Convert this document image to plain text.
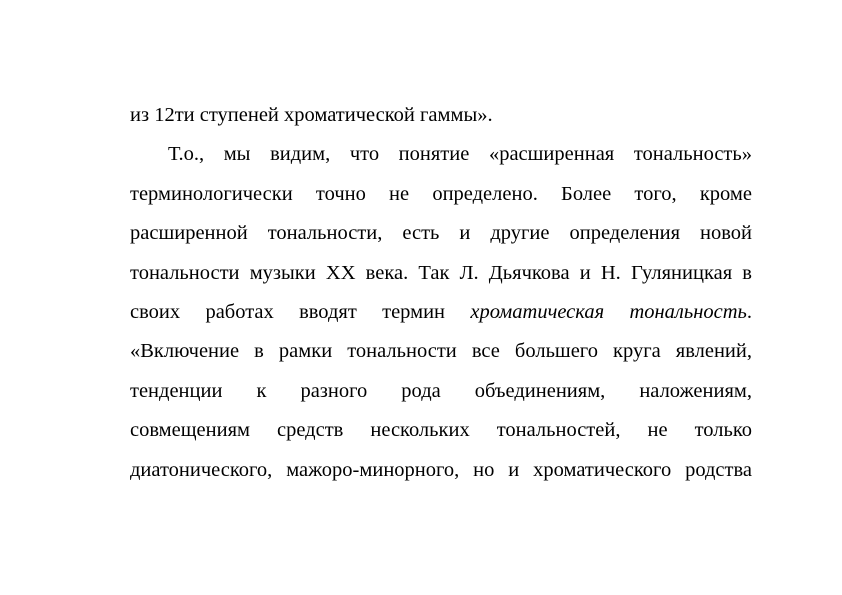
из 12ти ступеней хроматической гаммы».
Т.о., мы видим, что понятие «расширенная тональность»
терминологически точно не определено. Более того, кроме
расширенной тональности, есть и другие определения новой
тональности музыки XX века. Так Л. Дьячкова и Н. Гуляницкая в
своих работах вводят термин хроматическая тональность.
«Включение в рамки тональности все большего круга явлений,
тенденции к разного рода объединениям, наложениям,
совмещениям средств нескольких тональностей, не только
диатонического, мажоро-минорного, но и хроматического родства
